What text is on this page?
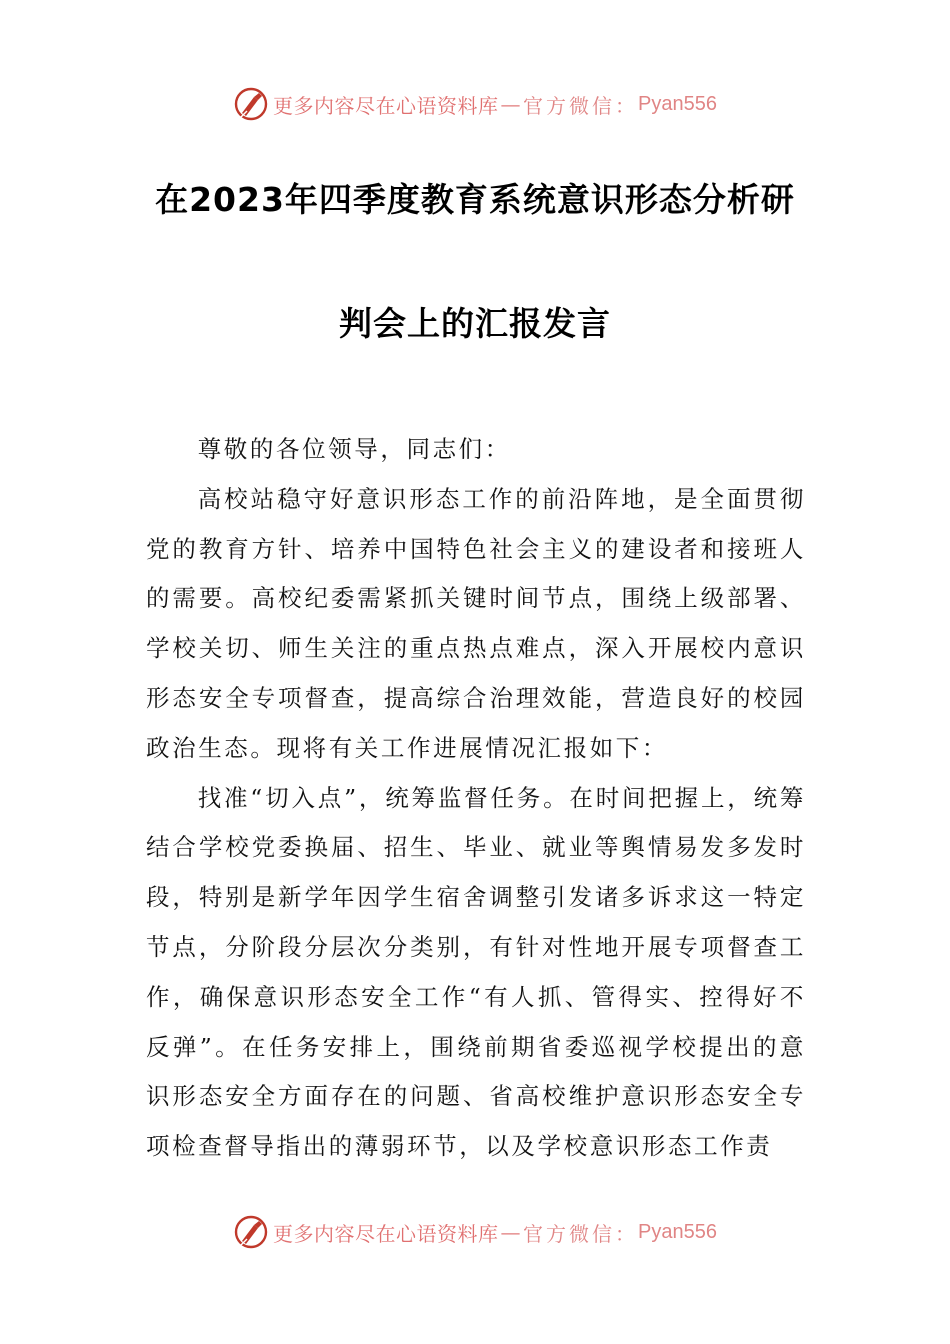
更多内容尽在心语资料库 — 官方微信： Pyan556
在2023年四季度教育系统意识形态分析研
判会上的汇报发言

尊敬的各位领导，同志们：

高校站稳守好意识形态工作的前沿阵地，是全面贯彻党的教育方针、培养中国特色社会主义的建设者和接班人的需要。高校纪委需紧抓关键时间节点，围绕上级部署、学校关切、师生关注的重点热点难点，深入开展校内意识形态安全专项督查，提高综合治理效能，营造良好的校园政治生态。现将有关工作进展情况汇报如下：

找准“切入点”，统筹监督任务。在时间把握上，统筹结合学校党委换届、招生、毕业、就业等舆情易发多发时段，特别是新学年因学生宿舍调整引发诸多诉求这一特定节点，分阶段分层次分类别，有针对性地开展专项督查工作，确保意识形态安全工作“有人抓、管得实、控得好不反弹”。在任务安排上，围绕前期省委巡视学校提出的意识形态安全方面存在的问题、省高校维护意识形态安全专项检查督导指出的薄弱环节，以及学校意识形态工作责

更多内容尽在心语资料库 — 官方微信： Pyan556
